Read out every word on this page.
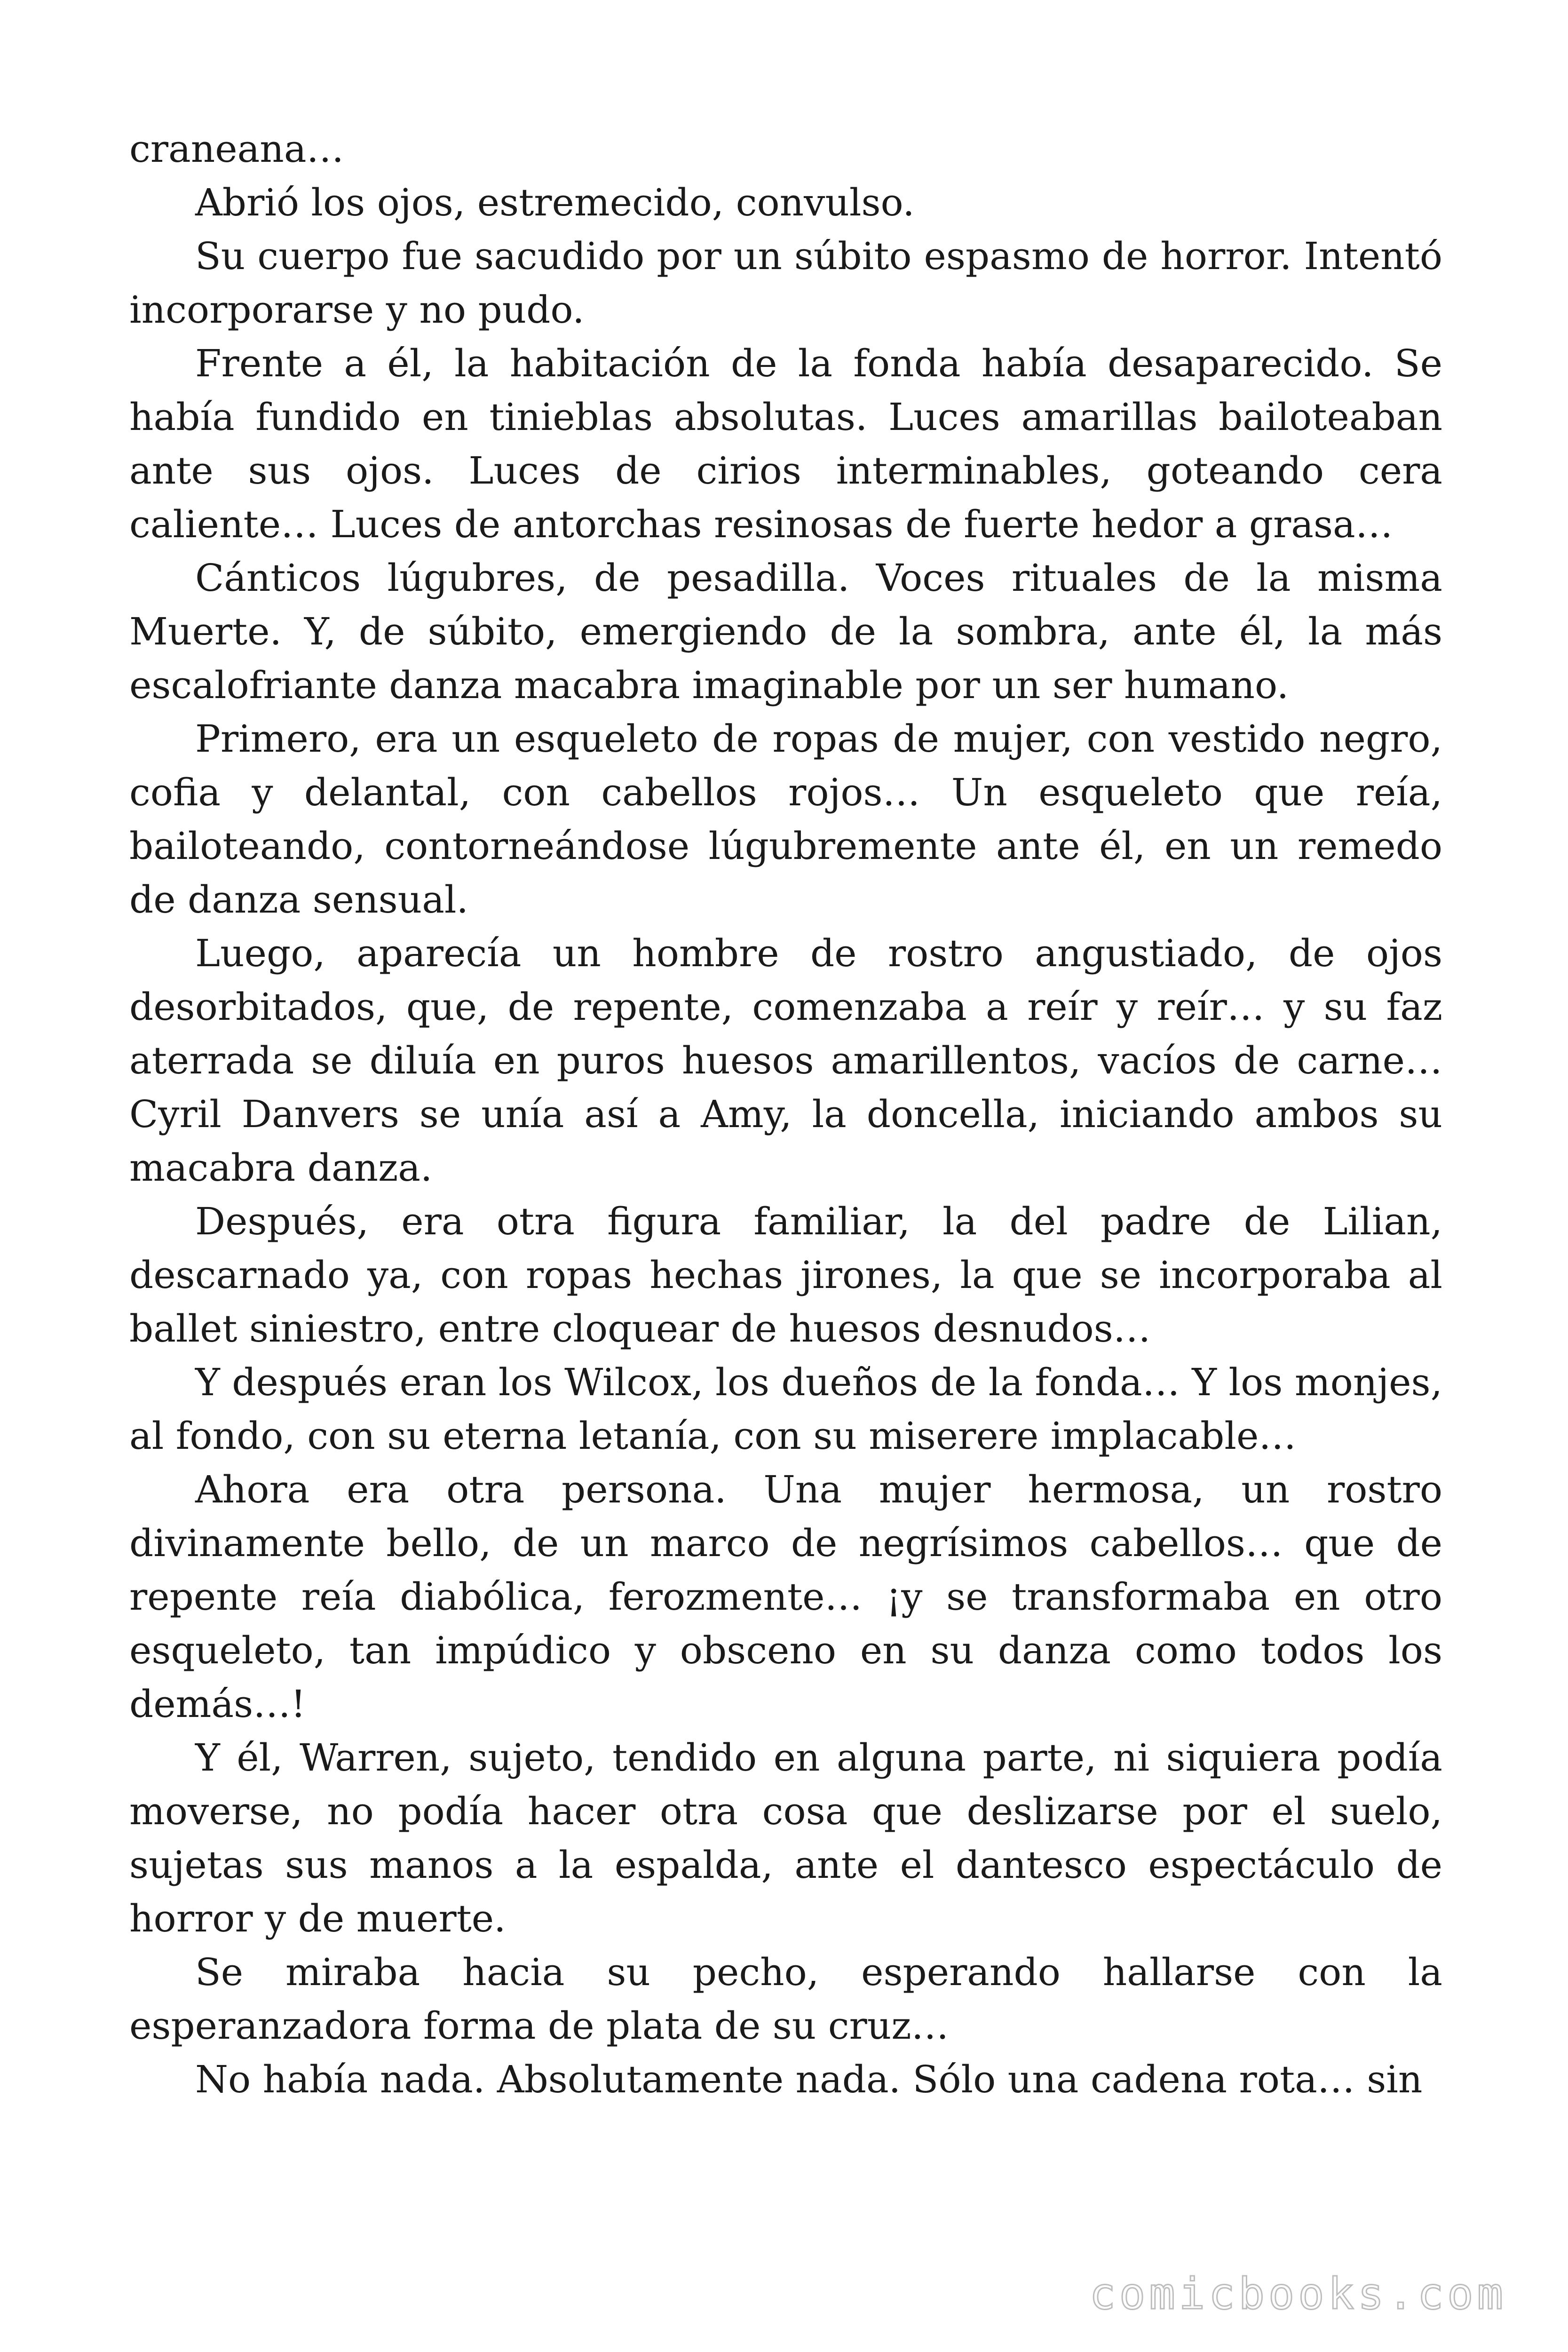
craneana…

Abrió los ojos, estremecido, convulso.

Su cuerpo fue sacudido por un súbito espasmo de horror. Intentó incorporarse y no pudo.

Frente a él, la habitación de la fonda había desaparecido. Se había fundido en tinieblas absolutas. Luces amarillas bailoteaban ante sus ojos. Luces de cirios interminables, goteando cera caliente… Luces de antorchas resinosas de fuerte hedor a grasa…

Cánticos lúgubres, de pesadilla. Voces rituales de la misma Muerte. Y, de súbito, emergiendo de la sombra, ante él, la más escalofriante danza macabra imaginable por un ser humano.

Primero, era un esqueleto de ropas de mujer, con vestido negro, cofia y delantal, con cabellos rojos… Un esqueleto que reía, bailoteando, contorneándose lúgubremente ante él, en un remedo de danza sensual.

Luego, aparecía un hombre de rostro angustiado, de ojos desorbitados, que, de repente, comenzaba a reír y reír… y su faz aterrada se diluía en puros huesos amarillentos, vacíos de carne… Cyril Danvers se unía así a Amy, la doncella, iniciando ambos su macabra danza.

Después, era otra figura familiar, la del padre de Lilian, descarnado ya, con ropas hechas jirones, la que se incorporaba al ballet siniestro, entre cloquear de huesos desnudos…

Y después eran los Wilcox, los dueños de la fonda… Y los monjes, al fondo, con su eterna letanía, con su miserere implacable…

Ahora era otra persona. Una mujer hermosa, un rostro divinamente bello, de un marco de negrísimos cabellos… que de repente reía diabólica, ferozmente… ¡y se transformaba en otro esqueleto, tan impúdico y obsceno en su danza como todos los demás…!

Y él, Warren, sujeto, tendido en alguna parte, ni siquiera podía moverse, no podía hacer otra cosa que deslizarse por el suelo, sujetas sus manos a la espalda, ante el dantesco espectáculo de horror y de muerte.

Se miraba hacia su pecho, esperando hallarse con la esperanzadora forma de plata de su cruz…

No había nada. Absolutamente nada. Sólo una cadena rota… sin

comicbooks.com
